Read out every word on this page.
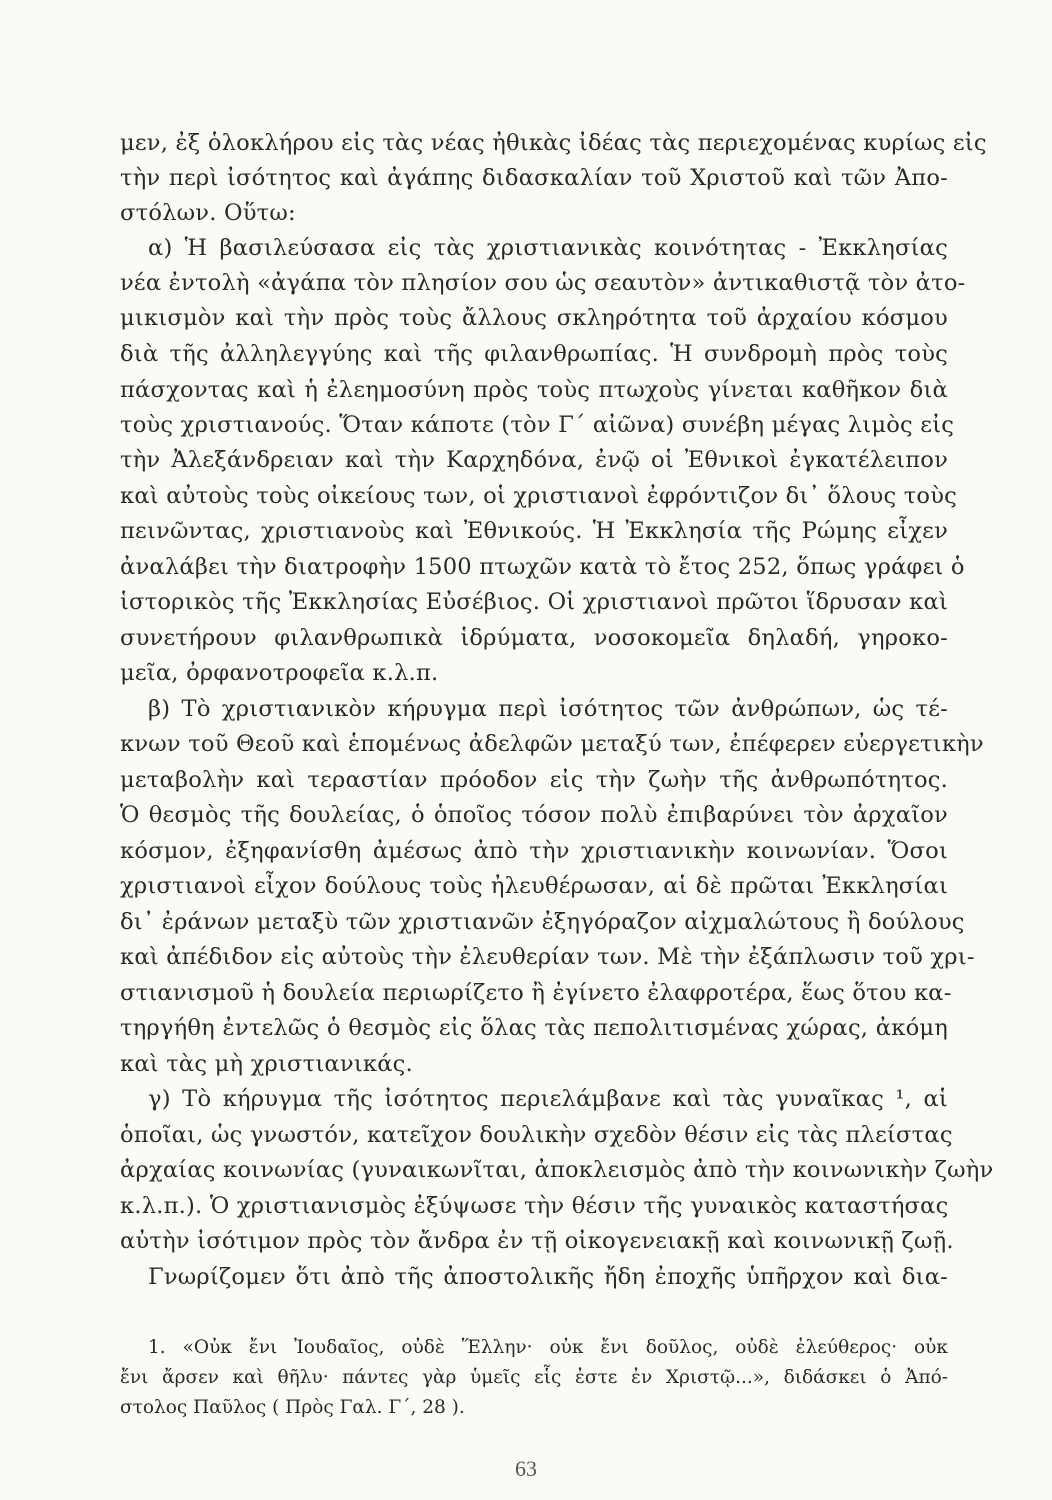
μεν, ἐξ ὁλοκλήρου εἰς τὰς νέας ἠθικὰς ἰδέας τὰς περιεχομένας κυρίως εἰς
τὴν περὶ ἰσότητος καὶ ἀγάπης διδασκαλίαν τοῦ Χριστοῦ καὶ τῶν Ἀπο-
στόλων. Οὕτω:
α) Ἡ βασιλεύσασα εἰς τὰς χριστιανικὰς κοινότητας - Ἐκκλησίας
νέα ἐντολὴ «ἀγάπα τὸν πλησίον σου ὡς σεαυτὸν» ἀντικαθιστᾷ τὸν ἀτο-
μικισμὸν καὶ τὴν πρὸς τοὺς ἄλλους σκληρότητα τοῦ ἀρχαίου κόσμου
διὰ τῆς ἀλληλεγγύης καὶ τῆς φιλανθρωπίας. Ἡ συνδρομὴ πρὸς τοὺς
πάσχοντας καὶ ἡ ἐλεημοσύνη πρὸς τοὺς πτωχοὺς γίνεται καθῆκον διὰ
τοὺς χριστιανούς. Ὅταν κάποτε (τὸν Γ΄ αἰῶνα) συνέβη μέγας λιμὸς εἰς
τὴν Ἀλεξάνδρειαν καὶ τὴν Καρχηδόνα, ἐνῷ οἱ Ἐθνικοὶ ἐγκατέλειπον
καὶ αὐτοὺς τοὺς οἰκείους των, οἱ χριστιανοὶ ἐφρόντιζον δι᾿ ὅλους τοὺς
πεινῶντας, χριστιανοὺς καὶ Ἐθνικούς. Ἡ Ἐκκλησία τῆς Ρώμης εἶχεν
ἀναλάβει τὴν διατροφὴν 1500 πτωχῶν κατὰ τὸ ἔτος 252, ὅπως γράφει ὁ
ἱστορικὸς τῆς Ἐκκλησίας Εὐσέβιος. Οἱ χριστιανοὶ πρῶτοι ἵδρυσαν καὶ
συνετήρουν φιλανθρωπικὰ ἱδρύματα, νοσοκομεῖα δηλαδή, γηροκο-
μεῖα, ὀρφανοτροφεῖα κ.λ.π.
β) Τὸ χριστιανικὸν κήρυγμα περὶ ἰσότητος τῶν ἀνθρώπων, ὡς τέ-
κνων τοῦ Θεοῦ καὶ ἑπομένως ἀδελφῶν μεταξύ των, ἐπέφερεν εὐεργετικὴν
μεταβολὴν καὶ τεραστίαν πρόοδον εἰς τὴν ζωὴν τῆς ἀνθρωπότητος.
Ὁ θεσμὸς τῆς δουλείας, ὁ ὁποῖος τόσον πολὺ ἐπιβαρύνει τὸν ἀρχαῖον
κόσμον, ἐξηφανίσθη ἀμέσως ἀπὸ τὴν χριστιανικὴν κοινωνίαν. Ὅσοι
χριστιανοὶ εἶχον δούλους τοὺς ἠλευθέρωσαν, αἱ δὲ πρῶται Ἐκκλησίαι
δι᾿ ἐράνων μεταξὺ τῶν χριστιανῶν ἐξηγόραζον αἰχμαλώτους ἢ δούλους
καὶ ἀπέδιδον εἰς αὐτοὺς τὴν ἐλευθερίαν των. Μὲ τὴν ἐξάπλωσιν τοῦ χρι-
στιανισμοῦ ἡ δουλεία περιωρίζετο ἢ ἐγίνετο ἐλαφροτέρα, ἕως ὅτου κα-
τηργήθη ἐντελῶς ὁ θεσμὸς εἰς ὅλας τὰς πεπολιτισμένας χώρας, ἀκόμη
καὶ τὰς μὴ χριστιανικάς.
γ) Τὸ κήρυγμα τῆς ἰσότητος περιελάμβανε καὶ τὰς γυναῖκας ¹, αἱ
ὁποῖαι, ὡς γνωστόν, κατεῖχον δουλικὴν σχεδὸν θέσιν εἰς τὰς πλείστας
ἀρχαίας κοινωνίας (γυναικωνῖται, ἀποκλεισμὸς ἀπὸ τὴν κοινωνικὴν ζωὴν
κ.λ.π.). Ὁ χριστιανισμὸς ἐξύψωσε τὴν θέσιν τῆς γυναικὸς καταστήσας
αὐτὴν ἰσότιμον πρὸς τὸν ἄνδρα ἐν τῇ οἰκογενειακῇ καὶ κοινωνικῇ ζωῇ.
Γνωρίζομεν ὅτι ἀπὸ τῆς ἀποστολικῆς ἤδη ἐποχῆς ὑπῆρχον καὶ δια-
1. «Οὐκ ἔνι Ἰουδαῖος, οὐδὲ Ἕλλην· οὐκ ἔνι δοῦλος, οὐδὲ ἐλεύθερος· οὐκ
ἔνι ἄρσεν καὶ θῆλυ· πάντες γὰρ ὑμεῖς εἷς ἐστε ἐν Χριστῷ...», διδάσκει ὁ Ἀπό-
στολος Παῦλος ( Πρὸς Γαλ. Γ΄, 28 ).
63
